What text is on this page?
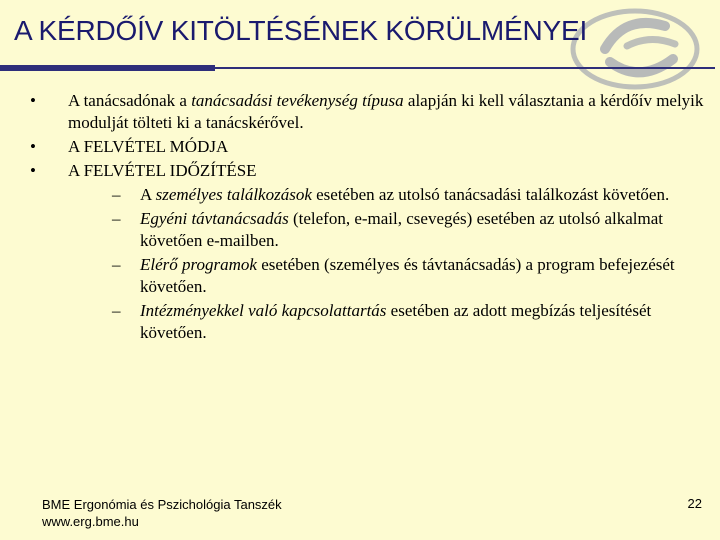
A KÉRDŐÍV KITÖLTÉSÉNEK KÖRÜLMÉNYEI
• A tanácsadónak a tanácsadási tevékenység típusa alapján ki kell választania a kérdőív melyik modulját tölteti ki a tanácskérővel.
• A FELVÉTEL MÓDJA
• A FELVÉTEL IDŐZÍTÉSE
– A személyes találkozások esetében az utolsó tanácsadási találkozást követően.
– Egyéni távtanácsadás (telefon, e-mail, csevegés) esetében az utolsó alkalmat követően e-mailben.
– Elérő programok esetében (személyes és távtanácsadás) a program befejezését követően.
– Intézményekkel való kapcsolattartás esetében az adott megbízás teljesítését követően.
BME Ergonómia és Pszichológia Tanszék
www.erg.bme.hu
22
